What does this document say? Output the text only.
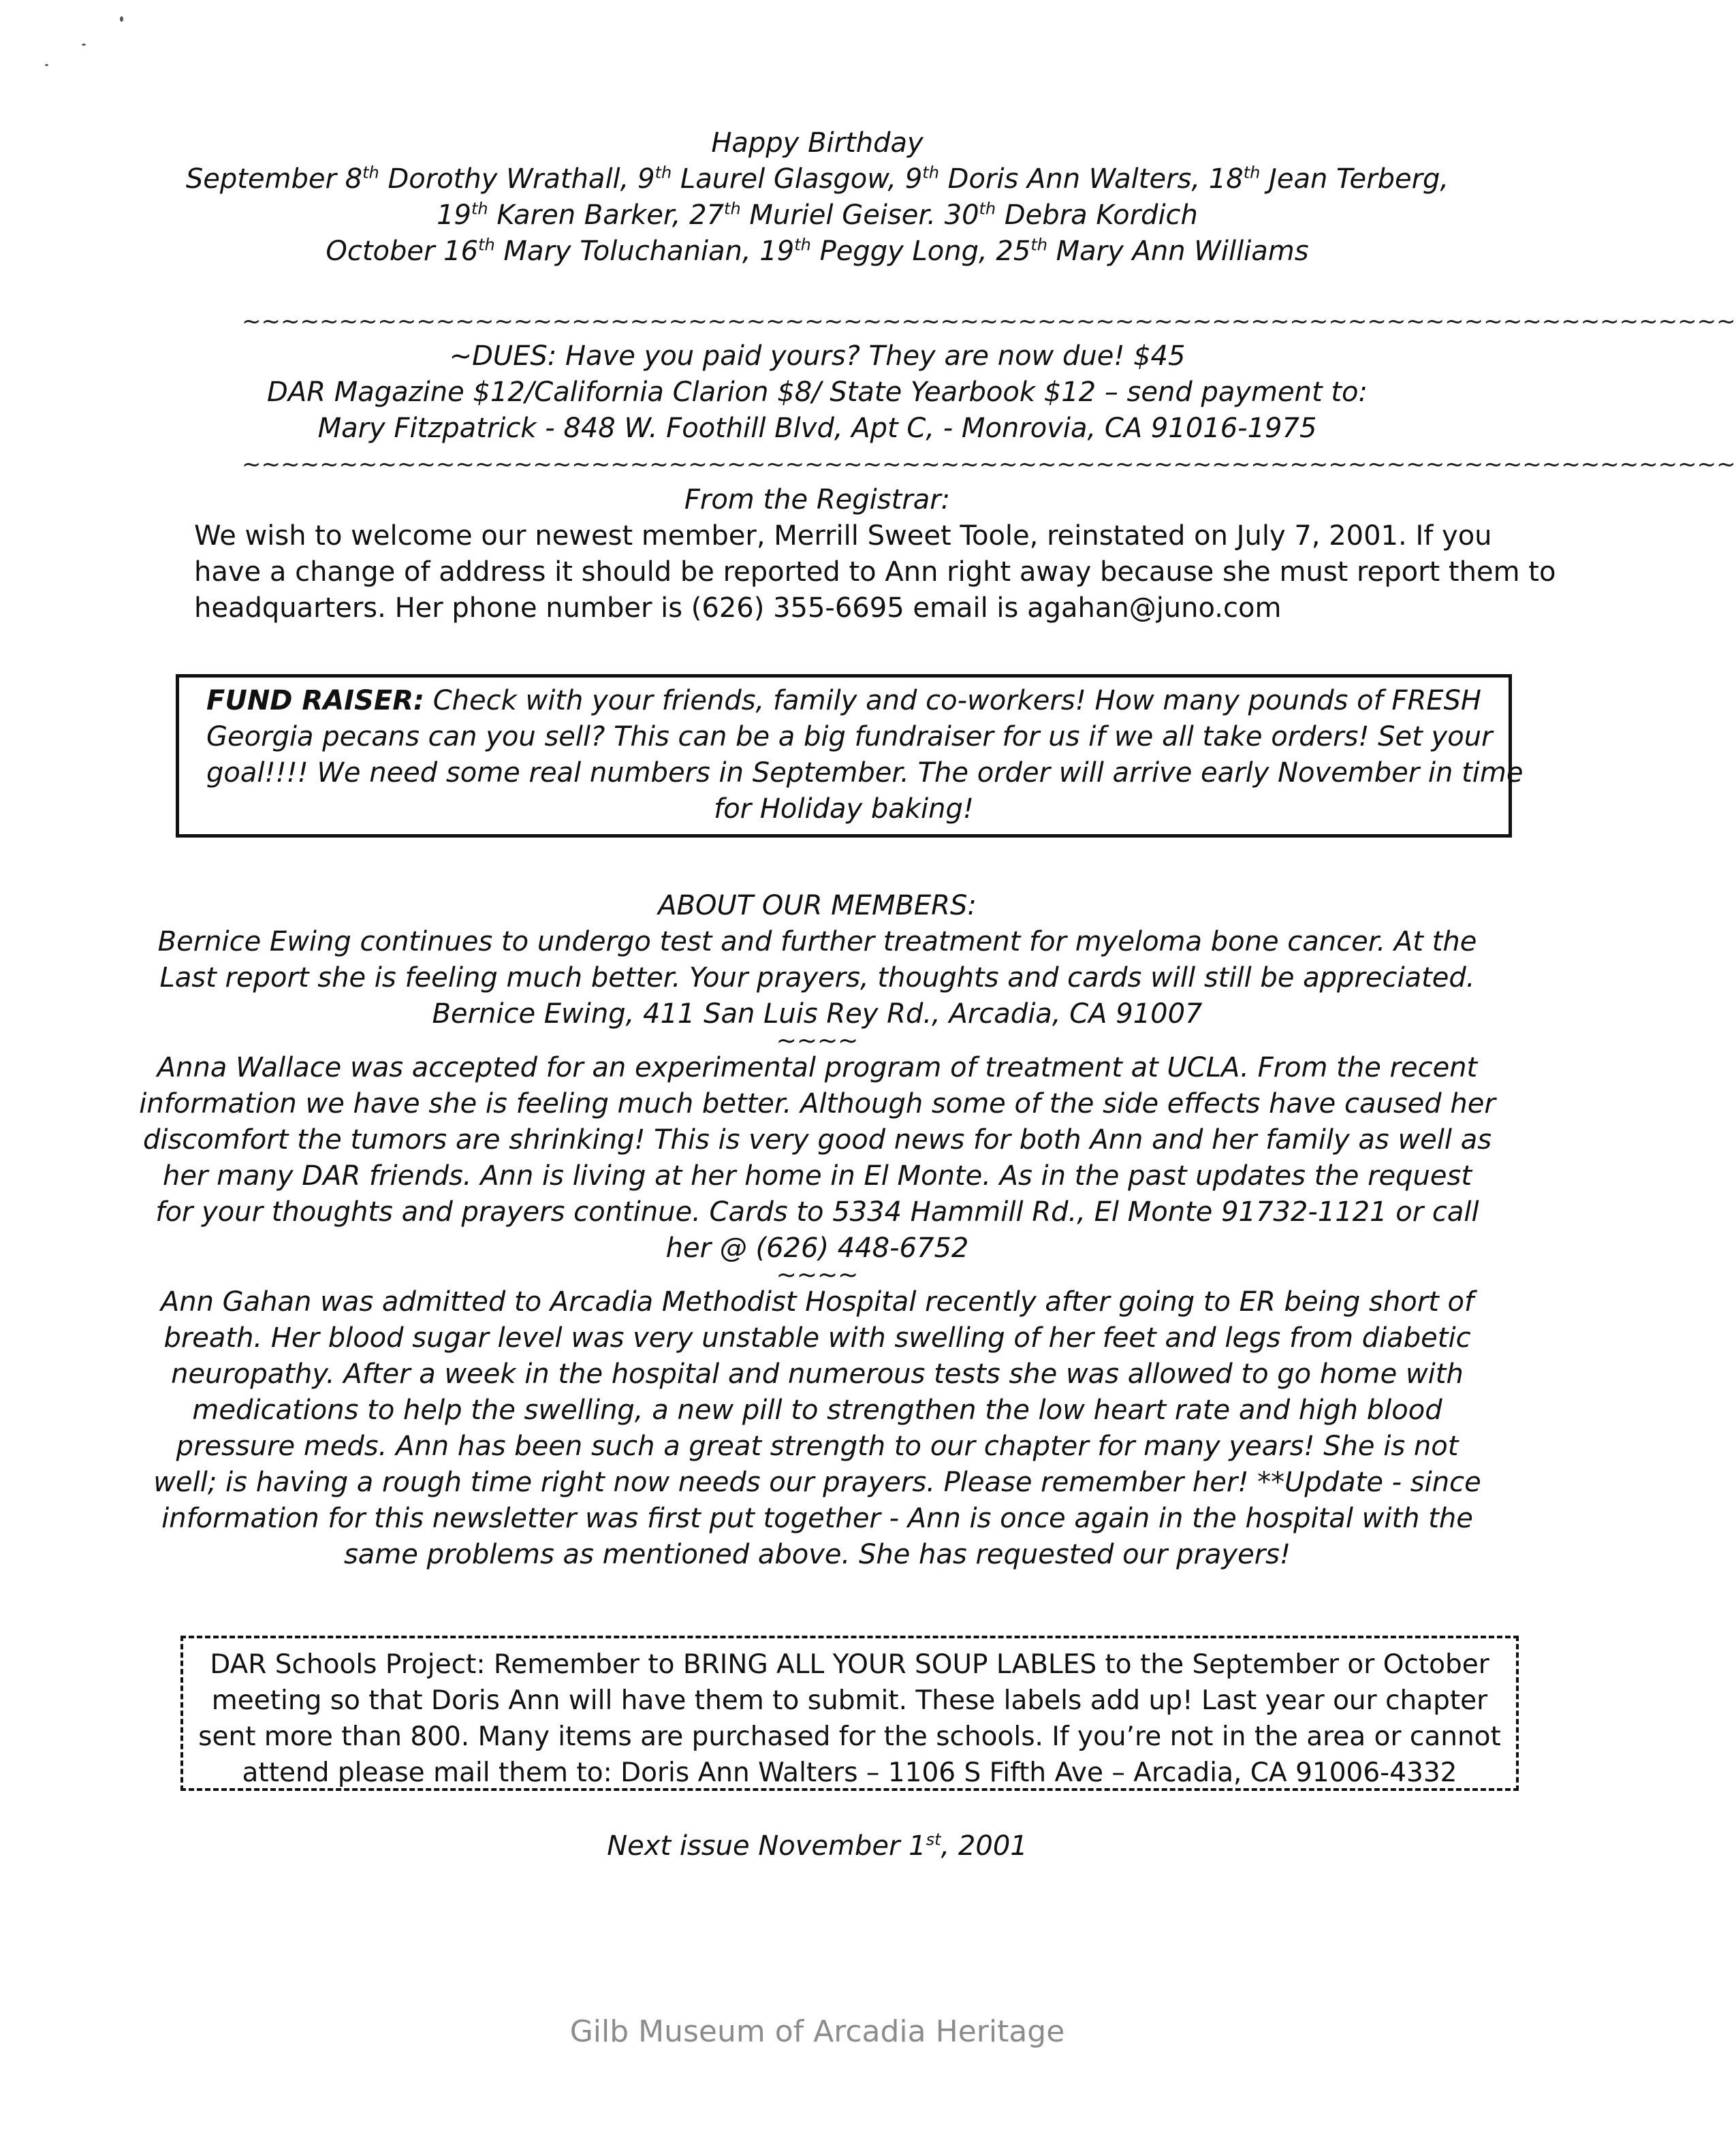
Happy Birthday
September 8th Dorothy Wrathall, 9th Laurel Glasgow, 9th Doris Ann Walters, 18th Jean Terberg,
19th Karen Barker, 27th Muriel Geiser. 30th Debra Kordich
October 16th Mary Toluchanian, 19th Peggy Long, 25th Mary Ann Williams
~~~~~~~~~~~~~~~~~~~~~~~~~~~~~~~~~~~~~~~~~~~~~~~~~~~~~~~~~~~~~~~~~~~~~~~~~~~~~
~DUES: Have you paid yours? They are now due! $45
DAR Magazine $12/California Clarion $8/ State Yearbook $12 – send payment to:
Mary Fitzpatrick - 848 W. Foothill Blvd, Apt C, - Monrovia, CA 91016-1975
~~~~~~~~~~~~~~~~~~~~~~~~~~~~~~~~~~~~~~~~~~~~~~~~~~~~~~~~~~~~~~~~~~~~~~~~~~~~~
From the Registrar:
We wish to welcome our newest member, Merrill Sweet Toole, reinstated on July 7, 2001. If you
have a change of address it should be reported to Ann right away because she must report them to
headquarters. Her phone number is (626) 355-6695 email is agahan@juno.com
FUND RAISER: Check with your friends, family and co-workers! How many pounds of FRESH
Georgia pecans can you sell? This can be a big fundraiser for us if we all take orders! Set your
goal!!!! We need some real numbers in September. The order will arrive early November in time
for Holiday baking!
ABOUT OUR MEMBERS:
Bernice Ewing continues to undergo test and further treatment for myeloma bone cancer. At the
Last report she is feeling much better. Your prayers, thoughts and cards will still be appreciated.
Bernice Ewing, 411 San Luis Rey Rd., Arcadia, CA 91007
~~~~
Anna Wallace was accepted for an experimental program of treatment at UCLA. From the recent
information we have she is feeling much better. Although some of the side effects have caused her
discomfort the tumors are shrinking! This is very good news for both Ann and her family as well as
her many DAR friends. Ann is living at her home in El Monte. As in the past updates the request
for your thoughts and prayers continue. Cards to 5334 Hammill Rd., El Monte 91732-1121 or call
her @ (626) 448-6752
~~~~
Ann Gahan was admitted to Arcadia Methodist Hospital recently after going to ER being short of
breath. Her blood sugar level was very unstable with swelling of her feet and legs from diabetic
neuropathy. After a week in the hospital and numerous tests she was allowed to go home with
medications to help the swelling, a new pill to strengthen the low heart rate and high blood
pressure meds. Ann has been such a great strength to our chapter for many years! She is not
well; is having a rough time right now needs our prayers. Please remember her! **Update - since
information for this newsletter was first put together - Ann is once again in the hospital with the
same problems as mentioned above. She has requested our prayers!
DAR Schools Project: Remember to BRING ALL YOUR SOUP LABLES to the September or October
meeting so that Doris Ann will have them to submit. These labels add up! Last year our chapter
sent more than 800. Many items are purchased for the schools. If you’re not in the area or cannot
attend please mail them to: Doris Ann Walters – 1106 S Fifth Ave – Arcadia, CA 91006-4332
Next issue November 1st, 2001
Gilb Museum of Arcadia Heritage
